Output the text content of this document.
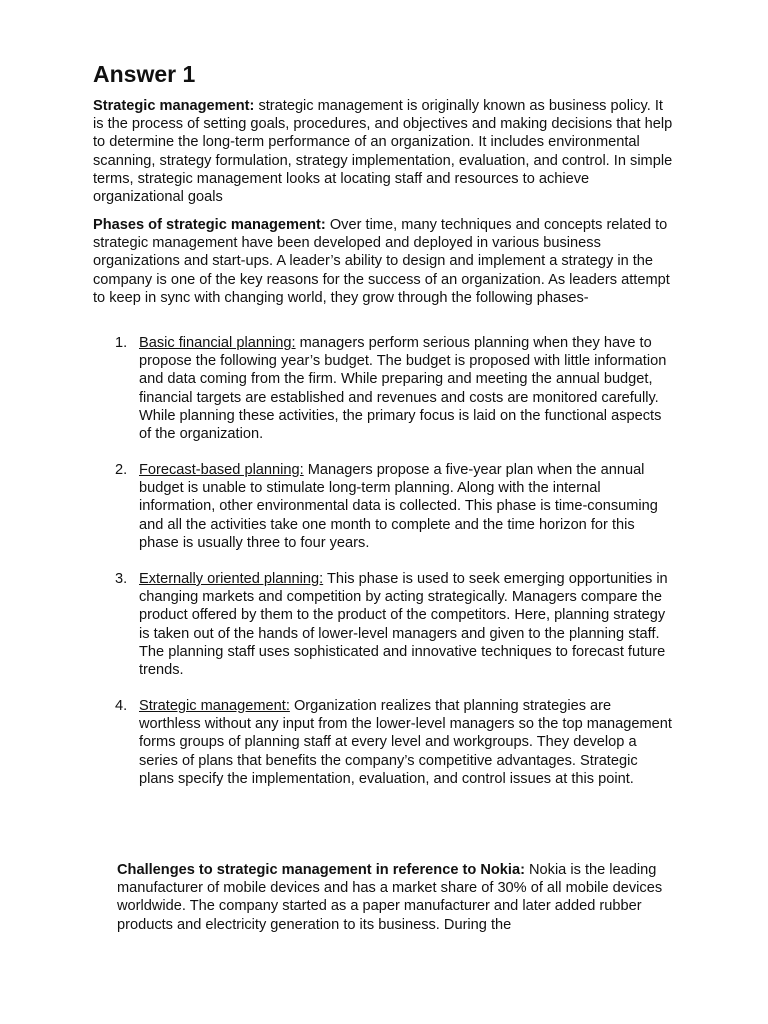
Answer 1

Strategic management: strategic management is originally known as business policy. It is the process of setting goals, procedures, and objectives and making decisions that help to determine the long-term performance of an organization. It includes environmental scanning, strategy formulation, strategy implementation, evaluation, and control. In simple terms, strategic management looks at locating staff and resources to achieve organizational goals

Phases of strategic management: Over time, many techniques and concepts related to strategic management have been developed and deployed in various business organizations and start-ups. A leader’s ability to design and implement a strategy in the company is one of the key reasons for the success of an organization. As leaders attempt to keep in sync with changing world, they grow through the following phases-

1. Basic financial planning: managers perform serious planning when they have to propose the following year’s budget. The budget is proposed with little information and data coming from the firm. While preparing and meeting the annual budget, financial targets are established and revenues and costs are monitored carefully. While planning these activities, the primary focus is laid on the functional aspects of the organization.
2. Forecast-based planning: Managers propose a five-year plan when the annual budget is unable to stimulate long-term planning. Along with the internal information, other environmental data is collected. This phase is time-consuming and all the activities take one month to complete and the time horizon for this phase is usually three to four years.
3. Externally oriented planning: This phase is used to seek emerging opportunities in changing markets and competition by acting strategically. Managers compare the product offered by them to the product of the competitors. Here, planning strategy is taken out of the hands of lower-level managers and given to the planning staff. The planning staff uses sophisticated and innovative techniques to forecast future trends.
4. Strategic management: Organization realizes that planning strategies are worthless without any input from the lower-level managers so the top management forms groups of planning staff at every level and workgroups. They develop a series of plans that benefits the company’s competitive advantages. Strategic plans specify the implementation, evaluation, and control issues at this point.

Challenges to strategic management in reference to Nokia: Nokia is the leading manufacturer of mobile devices and has a market share of 30% of all mobile devices worldwide. The company started as a paper manufacturer and later added rubber products and electricity generation to its business. During the
